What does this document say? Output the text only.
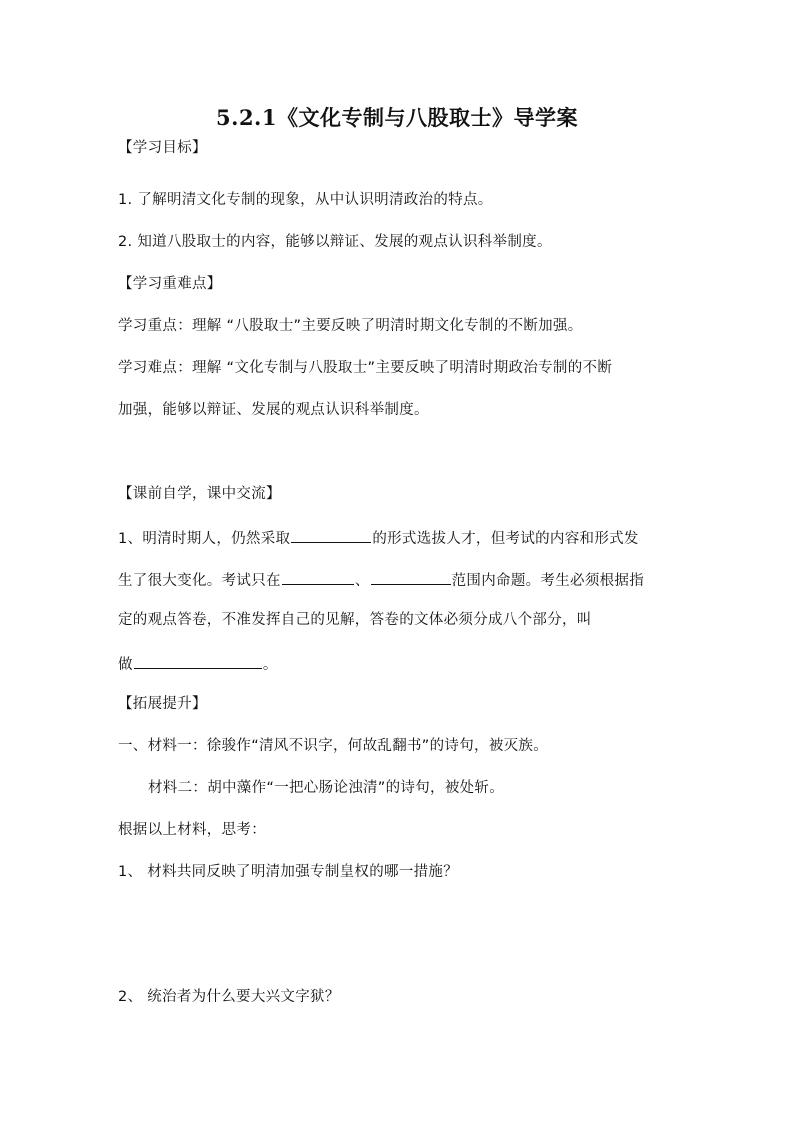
5.2.1《文化专制与八股取士》导学案
【学习目标】
1. 了解明清文化专制的现象，从中认识明清政治的特点。
2. 知道八股取士的内容，能够以辩证、发展的观点认识科举制度。
【学习重难点】
学习重点：理解 “八股取士”主要反映了明清时期文化专制的不断加强。
学习难点：理解 “文化专制与八股取士”主要反映了明清时期政治专制的不断
加强，能够以辩证、发展的观点认识科举制度。
【课前自学，课中交流】
1、明清时期人，仍然采取	的形式选拔人才，但考试的内容和形式发
生了很大变化。考试只在	、	范围内命题。考生必须根据指
定的观点答卷，不准发挥自己的见解，答卷的文体必须分成八个部分，叫
做	。
【拓展提升】
一、材料一：徐骏作“清风不识字，何故乱翻书”的诗句，被灭族。
材料二：胡中藻作“一把心肠论浊清”的诗句，被处斩。
根据以上材料，思考：
1、 材料共同反映了明清加强专制皇权的哪一措施？
2、 统治者为什么要大兴文字狱？
